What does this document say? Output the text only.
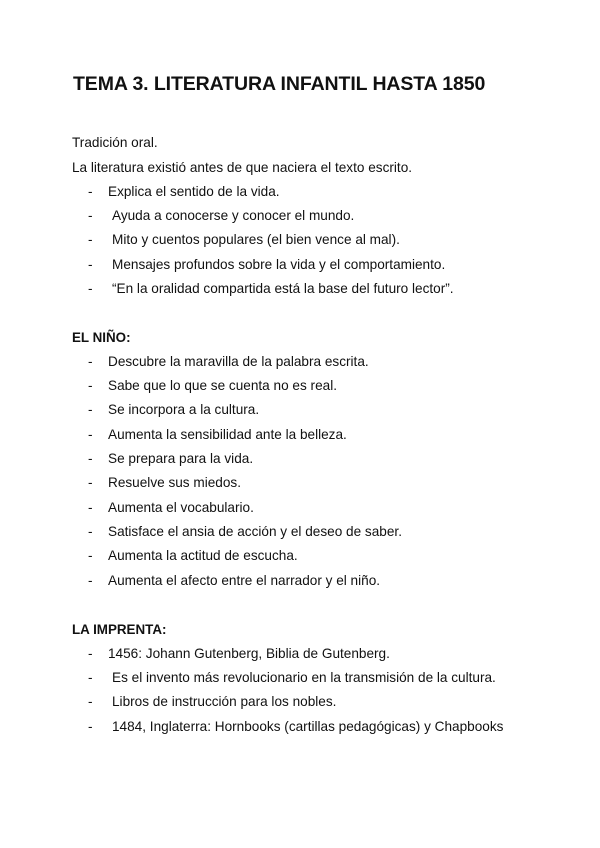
TEMA 3. LITERATURA INFANTIL HASTA 1850
Tradición oral.
La literatura existió antes de que naciera el texto escrito.
- Explica el sentido de la vida.
- Ayuda a conocerse y conocer el mundo.
- Mito y cuentos populares (el bien vence al mal).
- Mensajes profundos sobre la vida y el comportamiento.
- “En la oralidad compartida está la base del futuro lector”.
EL NIÑO:
- Descubre la maravilla de la palabra escrita.
- Sabe que lo que se cuenta no es real.
- Se incorpora a la cultura.
- Aumenta la sensibilidad ante la belleza.
- Se prepara para la vida.
- Resuelve sus miedos.
- Aumenta el vocabulario.
- Satisface el ansia de acción y el deseo de saber.
- Aumenta la actitud de escucha.
- Aumenta el afecto entre el narrador y el niño.
LA IMPRENTA:
- 1456: Johann Gutenberg, Biblia de Gutenberg.
- Es el invento más revolucionario en la transmisión de la cultura.
- Libros de instrucción para los nobles.
- 1484, Inglaterra: Hornbooks (cartillas pedagógicas) y Chapbooks
